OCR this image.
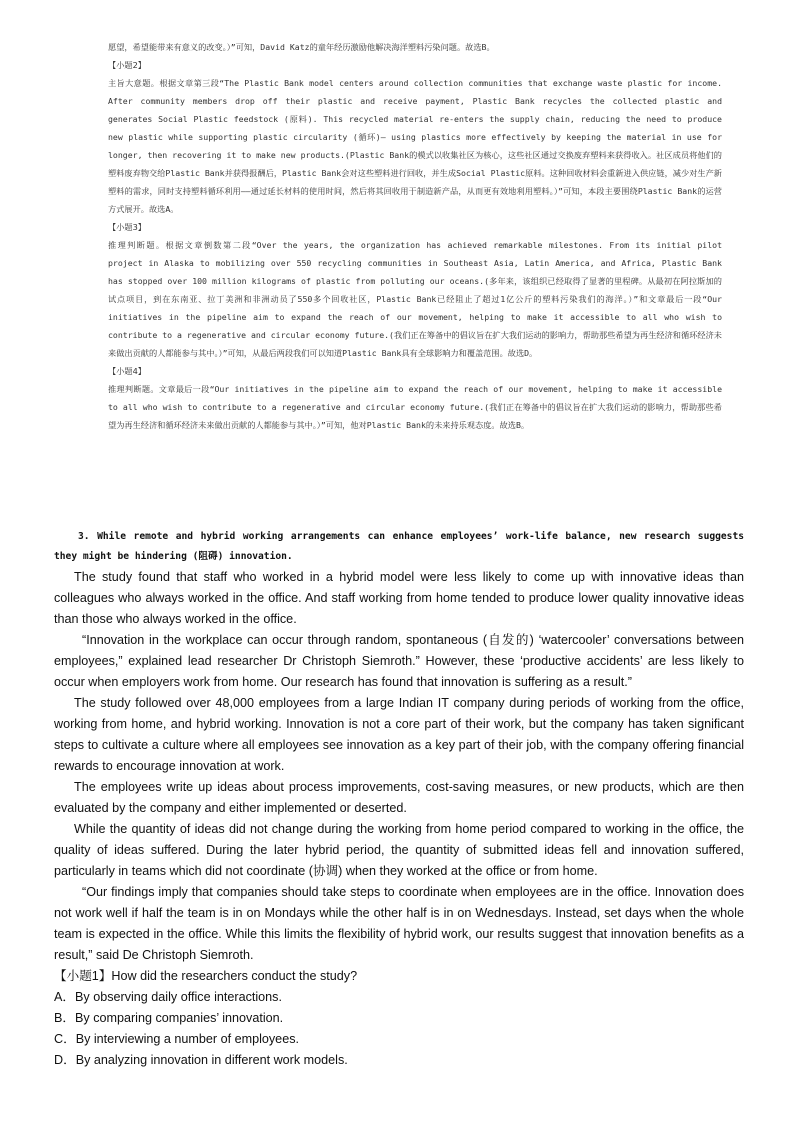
愿望，希望能带来有意义的改变。）”可知，David Katz的童年经历激励他解决海洋塑料污染问题。故选B。

【小题2】

主旨大意题。根据文章第三段“The Plastic Bank model centers around collection communities that exchange waste plastic for income. After community members drop off their plastic and receive payment, Plastic Bank recycles the collected plastic and generates Social Plastic feedstock (原料). This recycled material re-enters the supply chain, reducing the need to produce new plastic while supporting plastic circularity (循环)— using plastics more effectively by keeping the material in use for longer, then recovering it to make new products.(Plastic Bank的模式以收集社区为核心，这些社区通过交换废弃塑料来获得收入。社区成员将他们的塑料废弃物交给Plastic Bank并获得报酬后，Plastic Bank会对这些塑料进行回收，并生成Social Plastic原料。这种回收材料会重新进入供应链，减少对生产新塑料的需求，同时支持塑料循环利用——通过延长材料的使用时间，然后将其回收用于制造新产品，从而更有效地利用塑料。）”可知，本段主要围绕Plastic Bank的运营方式展开。故选A。

【小题3】

推理判断题。根据文章倒数第二段“Over the years, the organization has achieved remarkable milestones. From its initial pilot project in Alaska to mobilizing over 550 recycling communities in Southeast Asia, Latin America, and Africa, Plastic Bank has stopped over 100 million kilograms of plastic from polluting our oceans.(多年来，该组织已经取得了显著的里程碑。从最初在阿拉斯加的试点项目，到在东南亚、拉丁美洲和非洲动员了550多个回收社区，Plastic Bank已经阻止了超过1亿公斤的塑料污染我们的海洋。）”和文章最后一段“Our initiatives in the pipeline aim to expand the reach of our movement, helping to make it accessible to all who wish to contribute to a regenerative and circular economy future.(我们正在筹备中的倡议旨在扩大我们运动的影响力，帮助那些希望为再生经济和循环经济未来做出贡献的人都能参与其中。）”可知，从最后两段我们可以知道Plastic Bank具有全球影响力和覆盖范围。故选D。

【小题4】

推理判断题。文章最后一段“Our initiatives in the pipeline aim to expand the reach of our movement, helping to make it accessible to all who wish to contribute to a regenerative and circular economy future.(我们正在筹备中的倡议旨在扩大我们运动的影响力，帮助那些希望为再生经济和循环经济未来做出贡献的人都能参与其中。）”可知，他对Plastic Bank的未来持乐观态度。故选B。

3. While remote and hybrid working arrangements can enhance employees’ work-life balance, new research suggests they might be hindering (阻碍) innovation.

The study found that staff who worked in a hybrid model were less likely to come up with innovative ideas than colleagues who always worked in the office. And staff working from home tended to produce lower quality innovative ideas than those who always worked in the office.

“Innovation in the workplace can occur through random, spontaneous (自发的) ‘watercooler’ conversations between employees,” explained lead researcher Dr Christoph Siemroth.” However, these ‘productive accidents’ are less likely to occur when employers work from home. Our research has found that innovation is suffering as a result.”

The study followed over 48,000 employees from a large Indian IT company during periods of working from the office, working from home, and hybrid working. Innovation is not a core part of their work, but the company has taken significant steps to cultivate a culture where all employees see innovation as a key part of their job, with the company offering financial rewards to encourage innovation at work.

The employees write up ideas about process improvements, cost-saving measures, or new products, which are then evaluated by the company and either implemented or deserted.

While the quantity of ideas did not change during the working from home period compared to working in the office, the quality of ideas suffered. During the later hybrid period, the quantity of submitted ideas fell and innovation suffered, particularly in teams which did not coordinate (协调) when they worked at the office or from home.

“Our findings imply that companies should take steps to coordinate when employees are in the office. Innovation does not work well if half the team is in on Mondays while the other half is in on Wednesdays. Instead, set days when the whole team is expected in the office. While this limits the flexibility of hybrid work, our results suggest that innovation benefits as a result,” said De Christoph Siemroth.

【小题1】How did the researchers conduct the study?

A．By observing daily office interactions.

B．By comparing companies’ innovation.

C．By interviewing a number of employees.

D．By analyzing innovation in different work models.
